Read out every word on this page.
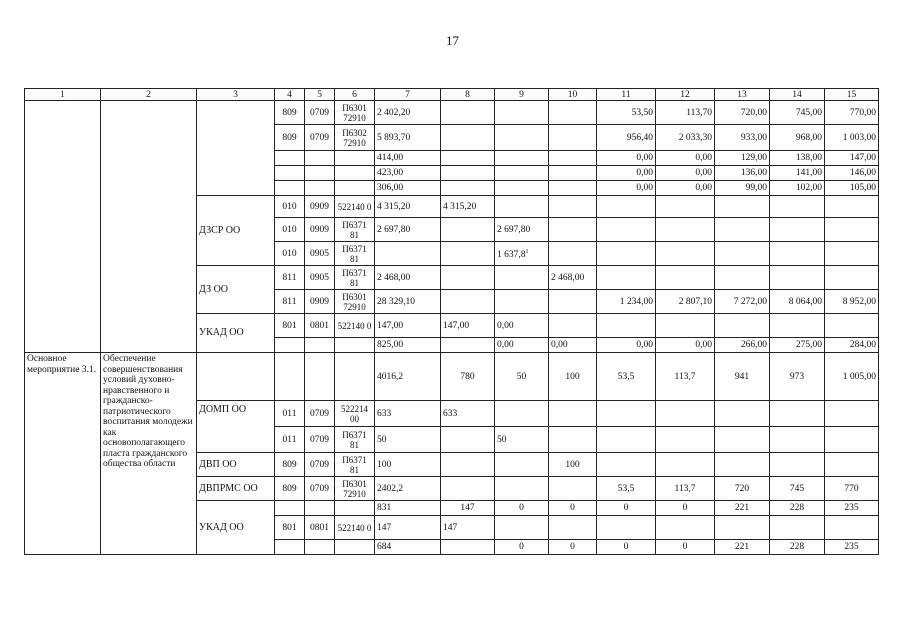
17
1	2	3	4	5	6	7	8	9	10	11	12	13	14	15
			809	0709	П6301 72910	2 402,20				53,50	113,70	720,00	745,00	770,00
			809	0709	П6302 72910	5 893,70				956,40	2 033,30	933,00	968,00	1 003,00
						414,00				0,00	0,00	129,00	138,00	147,00
						423,00				0,00	0,00	136,00	141,00	146,00
						306,00				0,00	0,00	99,00	102,00	105,00
		ДЗСР ОО	010	0909	522140 0	4 315,20	4 315,20							
			010	0909	П6371 81	2 697,80		2 697,80						
			010	0905	П6371 81			1 637,8$^1$						
		ДЗ ОО	811	0905	П6371 81	2 468,00			2 468,00					
			811	0909	П6301 72910	28 329,10				1 234,00	2 807,10	7 272,00	8 064,00	8 952,00
		УКАД ОО	801	0801	522140 0	147,00	147,00	0,00						
						825,00		0,00	0,00	0,00	0,00	266,00	275,00	284,00
Основное мероприятие 3.1.	Обеспечение совершенствования условий духовно-нравственного и гражданско-патриотического воспитания молодежи как основополагающего пласта гражданского общества области					4016,2	780	50	100	53,5	113,7	941	973	1 005,00
		ДОМП ОО	011	0709	522214 00	633	633							
			011	0709	П6371 81	50		50						
		ДВП ОО	809	0709	П6371 81	100			100					
		ДВПРМС ОО	809	0709	П6301 72910	2402,2				53,5	113,7	720	745	770
		УКАД ОО				831	147	0	0	0	0	221	228	235
			801	0801	522140 0	147	147							
						684		0	0	0	0	221	228	235
